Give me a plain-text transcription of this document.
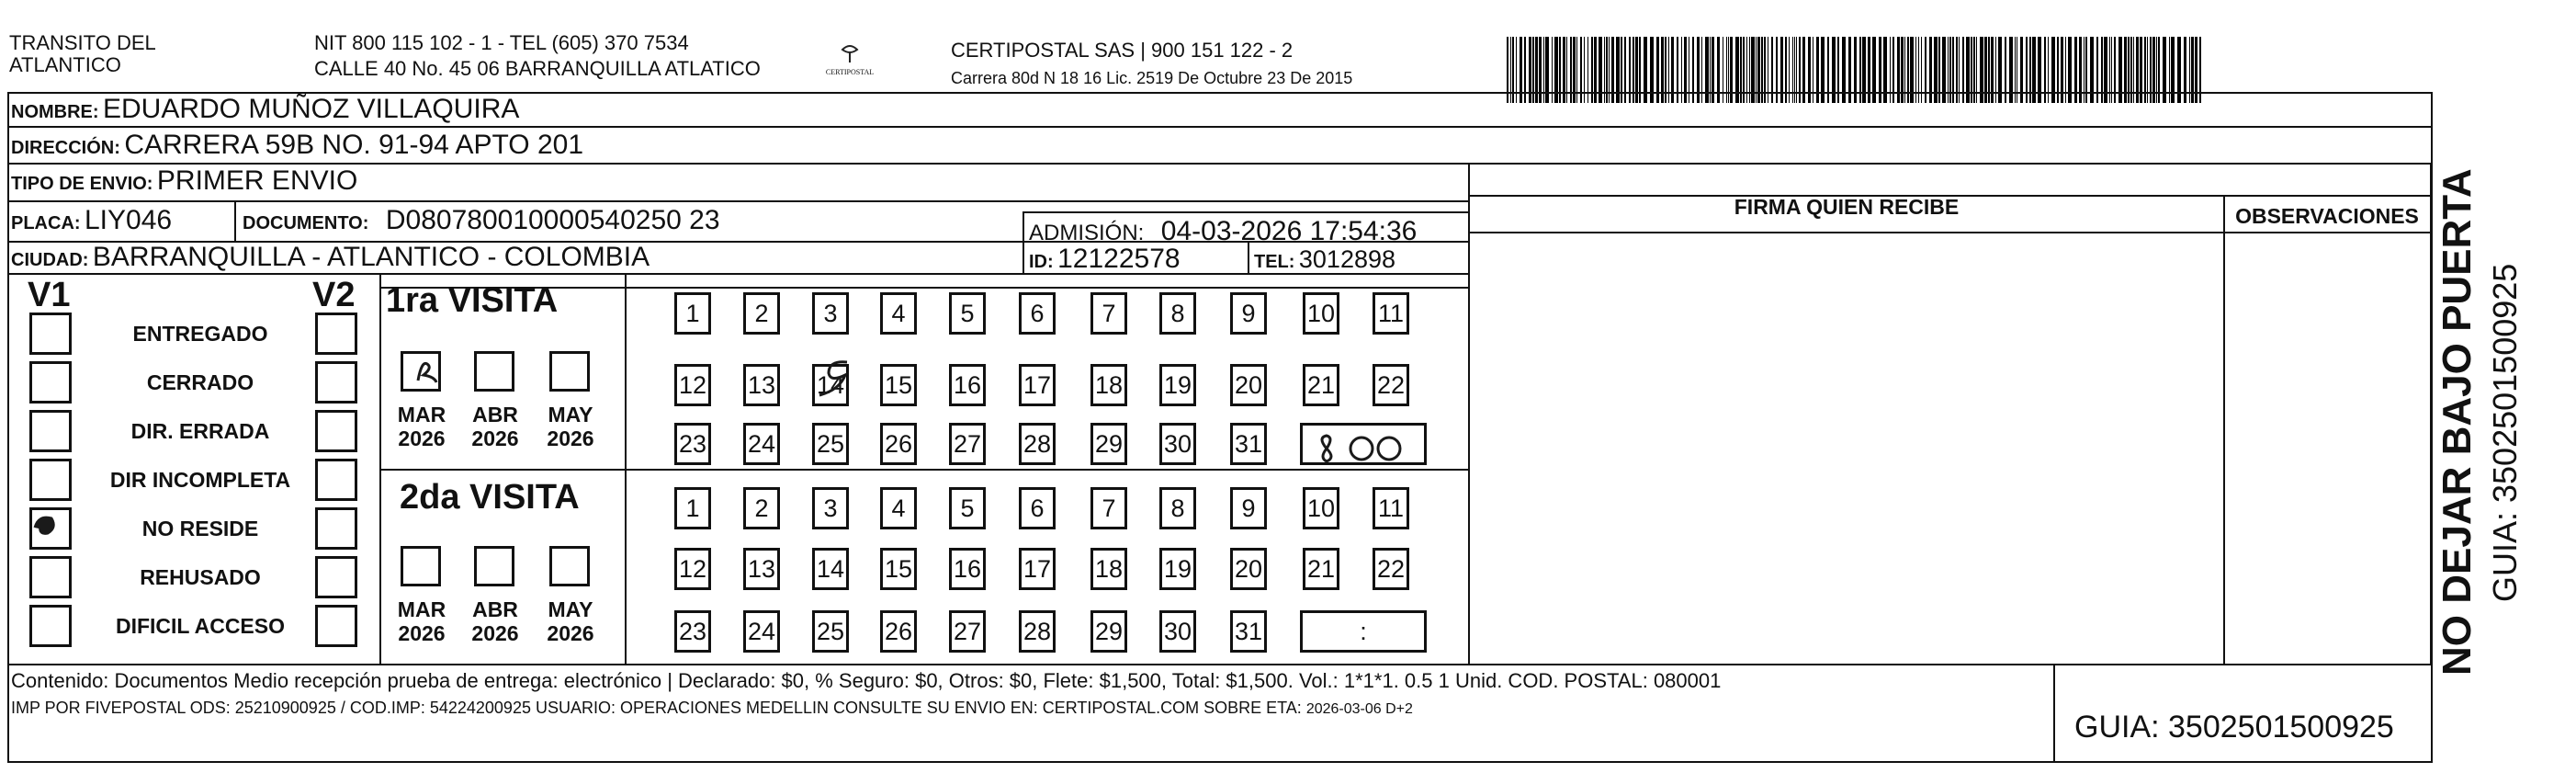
TRANSITO DEL
ATLANTICO
NIT 800 115 102 - 1 - TEL (605) 370 7534
CALLE 40 No. 45 06 BARRANQUILLA ATLATICO	CERTIPOSTAL
CERTIPOSTAL SAS | 900 151 122 - 2
Carrera 80d N 18 16 Lic. 2519 De Octubre 23 De 2015
NOMBRE: EDUARDO MUÑOZ VILLAQUIRA
DIRECCIÓN: CARRERA 59B NO. 91-94 APTO 201
TIPO DE ENVIO: PRIMER ENVIO
PLACA: LIY046	DOCUMENTO: D080780010000540250 23	ADMISIÓN: 04-03-2026 17:54:36
CIUDAD: BARRANQUILLA - ATLANTICO - COLOMBIA	ID: 12122578	TEL: 3012898
FIRMA QUIEN RECIBE	OBSERVACIONES
V1	V2
ENTREGADO
CERRADO
DIR. ERRADA
DIR INCOMPLETA
NO RESIDE
REHUSADO
DIFICIL ACCESO
1ra VISITA
2da VISITA
MAR
2026
ABR
2026
MAY
2026
MAR
2026
ABR
2026
MAY
2026
1	2	3	4	5	6	7	8	9	10 11
12 13 14 15 16 17 18 19 20 21 22
23 24 25 26 27 28 29 30 31
1	2	3	4	5	6	7	8	9	10 11
12 13 14 15 16 17 18 19 20 21 22
23 24 25 26 27 28 29 30 31	:
Contenido: Documentos Medio recepción prueba de entrega: electrónico | Declarado: $0, % Seguro: $0, Otros: $0, Flete: $1,500, Total: $1,500. Vol.: 1*1*1. 0.5 1 Unid. COD. POSTAL: 080001
IMP POR FIVEPOSTAL ODS: 25210900925 / COD.IMP: 54224200925 USUARIO: OPERACIONES MEDELLIN CONSULTE SU ENVIO EN: CERTIPOSTAL.COM SOBRE ETA: 2026-03-06 D+2
GUIA: 3502501500925
NO DEJAR BAJO PUERTA GUIA: 3502501500925
